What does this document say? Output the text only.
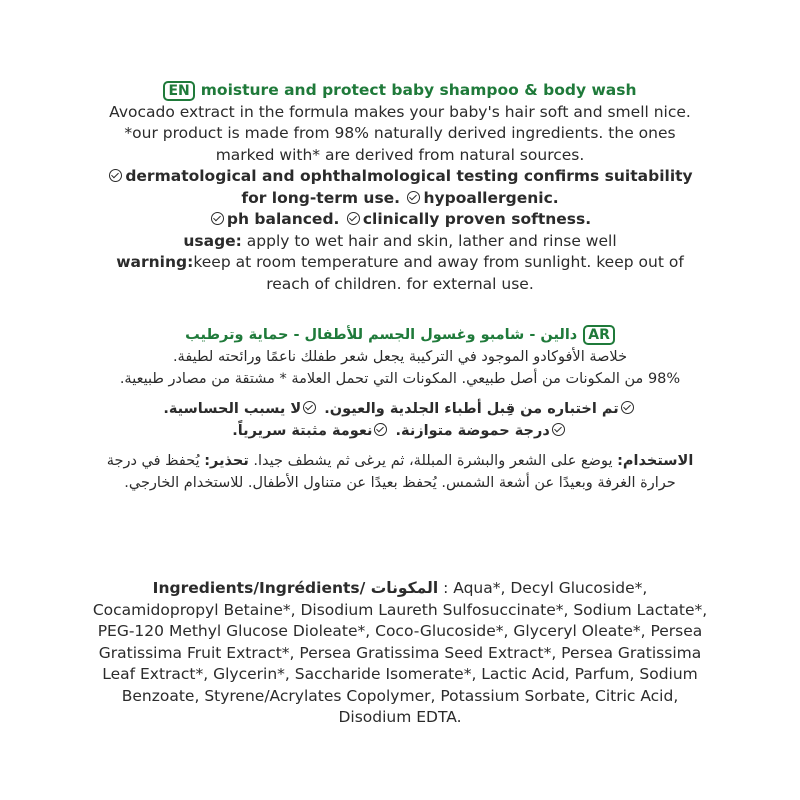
EN moisture and protect baby shampoo & body wash

Avocado extract in the formula makes your baby's hair soft and smell nice. *our product is made from 98% naturally derived ingredients. the ones marked with* are derived from natural sources.

dermatological and ophthalmological testing confirms suitability for long-term use. hypoallergenic.
ph balanced. clinically proven softness.

usage: apply to wet hair and skin, lather and rinse well

warning:keep at room temperature and away from sunlight. keep out of reach of children. for external use.

دالين - شامبو وغسول الجسم للأطفال - حماية وترطيب AR
خلاصة الأفوكادو الموجود في التركيبة يجعل شعر طفلك ناعمًا ورائحته لطيفة.
98% من المكونات من أصل طبيعي. المكونات التي تحمل العلامة * مشتقة من مصادر طبيعية.
تم اختباره من قِبل أطباء الجلدية والعيون. لا يسبب الحساسية.
درجة حموضة متوازنة. نعومة مثبتة سريرياً.
الاستخدام: يوضع على الشعر والبشرة المبللة، ثم يرغى ثم يشطف جيدا. تحذير: يُحفظ في درجة حرارة الغرفة وبعيدًا عن أشعة الشمس. يُحفظ بعيدًا عن متناول الأطفال. للاستخدام الخارجي.

Ingredients/Ingrédients/ المكونات : Aqua*, Decyl Glucoside*, Cocamidopropyl Betaine*, Disodium Laureth Sulfosuccinate*, Sodium Lactate*, PEG-120 Methyl Glucose Dioleate*, Coco-Glucoside*, Glyceryl Oleate*, Persea Gratissima Fruit Extract*, Persea Gratissima Seed Extract*, Persea Gratissima Leaf Extract*, Glycerin*, Saccharide Isomerate*, Lactic Acid, Parfum, Sodium Benzoate, Styrene/Acrylates Copolymer, Potassium Sorbate, Citric Acid, Disodium EDTA.
